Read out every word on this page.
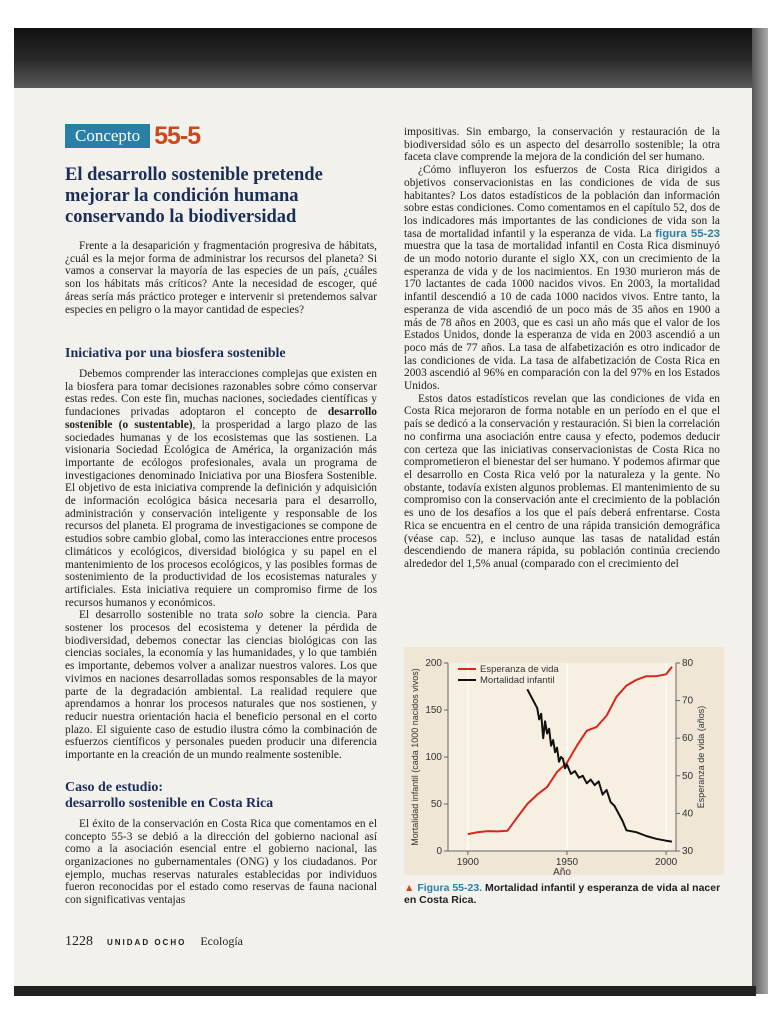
Concepto 55-5
El desarrollo sostenible pretende mejorar la condición humana conservando la biodiversidad

Frente a la desaparición y fragmentación progresiva de hábitats, ¿cuál es la mejor forma de administrar los recursos del planeta? Si vamos a conservar la mayoría de las especies de un país, ¿cuáles son los hábitats más críticos? Ante la necesidad de escoger, qué áreas sería más práctico proteger e intervenir si pretendemos salvar especies en peligro o la mayor cantidad de especies?

Iniciativa por una biosfera sostenible

Debemos comprender las interacciones complejas que existen en la biosfera para tomar decisiones razonables sobre cómo conservar estas redes. Con este fin, muchas naciones, sociedades científicas y fundaciones privadas adoptaron el concepto de desarrollo sostenible (o sustentable), la prosperidad a largo plazo de las sociedades humanas y de los ecosistemas que las sostienen. La visionaria Sociedad Ecológica de América, la organización más importante de ecólogos profesionales, avala un programa de investigaciones denominado Iniciativa por una Biosfera Sostenible. El objetivo de esta iniciativa comprende la definición y adquisición de información ecológica básica necesaria para el desarrollo, administración y conservación inteligente y responsable de los recursos del planeta. El programa de investigaciones se compone de estudios sobre cambio global, como las interacciones entre procesos climáticos y ecológicos, diversidad biológica y su papel en el mantenimiento de los procesos ecológicos, y las posibles formas de sostenimiento de la productividad de los ecosistemas naturales y artificiales. Esta iniciativa requiere un compromiso firme de los recursos humanos y económicos.

El desarrollo sostenible no trata solo sobre la ciencia. Para sostener los procesos del ecosistema y detener la pérdida de biodiversidad, debemos conectar las ciencias biológicas con las ciencias sociales, la economía y las humanidades, y lo que también es importante, debemos volver a analizar nuestros valores. Los que vivimos en naciones desarrolladas somos responsables de la mayor parte de la degradación ambiental. La realidad requiere que aprendamos a honrar los procesos naturales que nos sostienen, y reducir nuestra orientación hacia el beneficio personal en el corto plazo. El siguiente caso de estudio ilustra cómo la combinación de esfuerzos científicos y personales pueden producir una diferencia importante en la creación de un mundo realmente sostenible.

Caso de estudio:
desarrollo sostenible en Costa Rica

El éxito de la conservación en Costa Rica que comentamos en el concepto 55-3 se debió a la dirección del gobierno nacional así como a la asociación esencial entre el gobierno nacional, las organizaciones no gubernamentales (ONG) y los ciudadanos. Por ejemplo, muchas reservas naturales establecidas por individuos fueron reconocidas por el estado como reservas de fauna nacional con significativas ventajas

impositivas. Sin embargo, la conservación y restauración de la biodiversidad sólo es un aspecto del desarrollo sostenible; la otra faceta clave comprende la mejora de la condición del ser humano.

¿Cómo influyeron los esfuerzos de Costa Rica dirigidos a objetivos conservacionistas en las condiciones de vida de sus habitantes? Los datos estadísticos de la población dan información sobre estas condiciones. Como comentamos en el capítulo 52, dos de los indicadores más importantes de las condiciones de vida son la tasa de mortalidad infantil y la esperanza de vida. La figura 55-23 muestra que la tasa de mortalidad infantil en Costa Rica disminuyó de un modo notorio durante el siglo XX, con un crecimiento de la esperanza de vida y de los nacimientos. En 1930 murieron más de 170 lactantes de cada 1000 nacidos vivos. En 2003, la mortalidad infantil descendió a 10 de cada 1000 nacidos vivos. Entre tanto, la esperanza de vida ascendió de un poco más de 35 años en 1900 a más de 78 años en 2003, que es casi un año más que el valor de los Estados Unidos, donde la esperanza de vida en 2003 ascendió a un poco más de 77 años. La tasa de alfabetización es otro indicador de las condiciones de vida. La tasa de alfabetización de Costa Rica en 2003 ascendió al 96% en comparación con la del 97% en los Estados Unidos.

Estos datos estadísticos revelan que las condiciones de vida en Costa Rica mejoraron de forma notable en un período en el que el país se dedicó a la conservación y restauración. Si bien la correlación no confirma una asociación entre causa y efecto, podemos deducir con certeza que las iniciativas conservacionistas de Costa Rica no comprometieron el bienestar del ser humano. Y podemos afirmar que el desarrollo en Costa Rica veló por la naturaleza y la gente. No obstante, todavía existen algunos problemas. El mantenimiento de su compromiso con la conservación ante el crecimiento de la población es uno de los desafíos a los que el país deberá enfrentarse. Costa Rica se encuentra en el centro de una rápida transición demográfica (véase cap. 52), e incluso aunque las tasas de natalidad están descendiendo de manera rápida, su población continúa creciendo alrededor del 1,5% anual (comparado con el crecimiento del

1900	1950	2000
0
50
100
150
200
30
40
50
60
70
80
Año
Mortalidad infantil (cada 1000 nacidos vivos)	Esperanza de vida (años)
Esperanza de vida
Mortalidad infantil
▲ Figura 55-23. Mortalidad infantil y esperanza de vida al nacer en Costa Rica.
1228 UNIDAD OCHO Ecología
